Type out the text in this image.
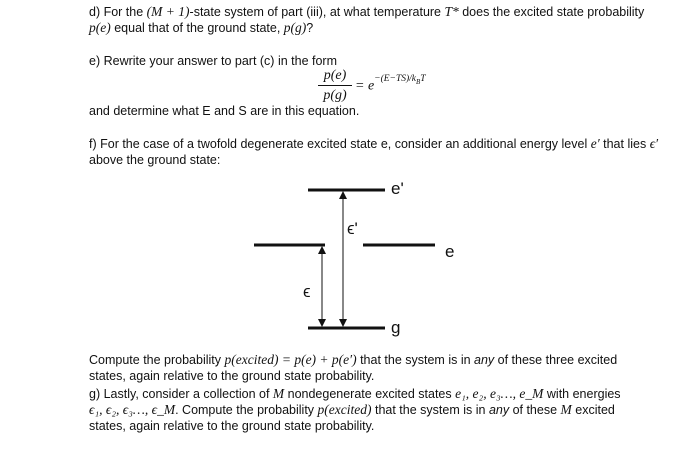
d) For the (M + 1)-state system of part (iii), at what temperature T* does the excited state probability
p(e) equal that of the ground state, p(g)?
e) Rewrite your answer to part (c) in the form
p(e)
p(g)
= $e^{-(E-TS)/k_BT}$
and determine what E and S are in this equation.
f) For the case of a twofold degenerate excited state e, consider an additional energy level e′ that lies ϵ′
above the ground state:
e'
ϵ'
e
ϵ
g
Compute the probability p(excited) = p(e) + p(e′) that the system is in any of these three excited
states, again relative to the ground state probability.
g) Lastly, consider a collection of M nondegenerate excited states e₁, e₂, e₃…, e_M with energies
ϵ₁, ϵ₂, ϵ₃…, ϵ_M. Compute the probability p(excited) that the system is in any of these M excited
states, again relative to the ground state probability.
